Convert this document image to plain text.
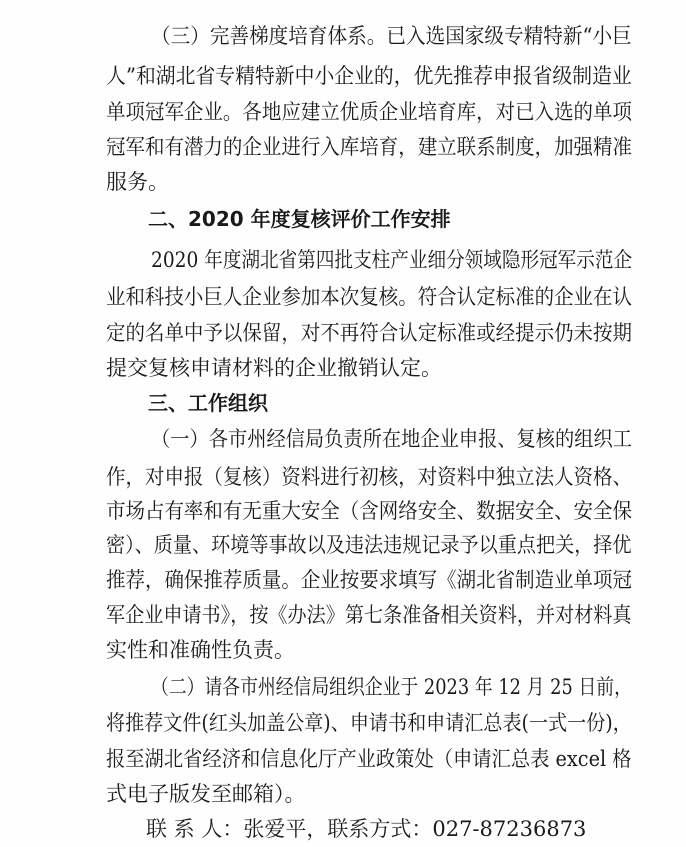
（三）完善梯度培育体系。已入选国家级专精特新“小巨
人”和湖北省专精特新中小企业的，优先推荐申报省级制造业
单项冠军企业。各地应建立优质企业培育库，对已入选的单项
冠军和有潜力的企业进行入库培育，建立联系制度，加强精准
服务。
二、2020 年度复核评价工作安排
2020 年度湖北省第四批支柱产业细分领域隐形冠军示范企
业和科技小巨人企业参加本次复核。符合认定标准的企业在认
定的名单中予以保留，对不再符合认定标准或经提示仍未按期
提交复核申请材料的企业撤销认定。
三、工作组织
（一）各市州经信局负责所在地企业申报、复核的组织工
作，对申报（复核）资料进行初核，对资料中独立法人资格、
市场占有率和有无重大安全（含网络安全、数据安全、安全保
密）、质量、环境等事故以及违法违规记录予以重点把关，择优
推荐，确保推荐质量。企业按要求填写《湖北省制造业单项冠
军企业申请书》，按《办法》第七条准备相关资料，并对材料真
实性和准确性负责。
（二）请各市州经信局组织企业于 2023 年 12 月 25 日前，
将推荐文件(红头加盖公章)、申请书和申请汇总表(一式一份)，
报至湖北省经济和信息化厅产业政策处（申请汇总表 excel 格
式电子版发至邮箱）。
联 系 人：张爱平，联系方式：027-87236873
